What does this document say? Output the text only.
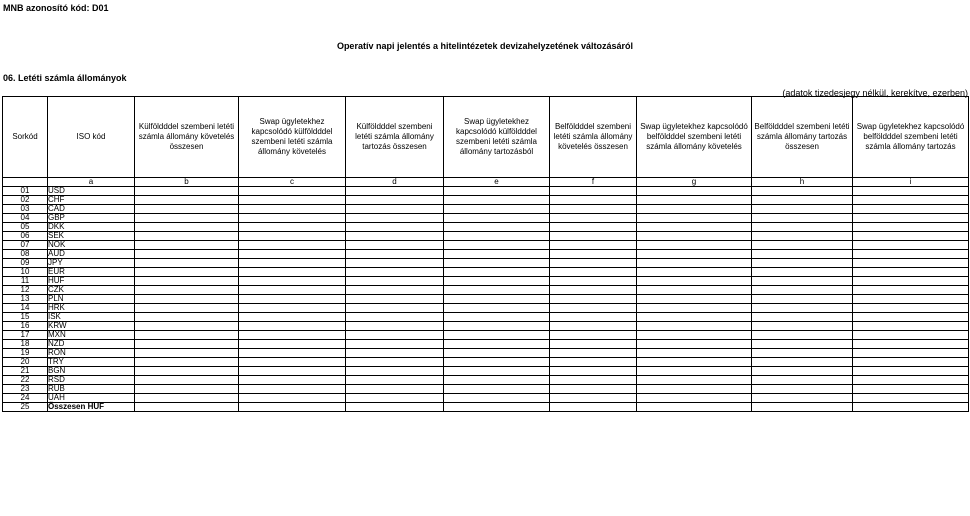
MNB azonosító kód: D01
Operatív napi jelentés a hitelintézetek devizahelyzetének változásáról
06. Letéti számla állományok
(adatok tizedesjegy nélkül, kerekítve, ezerben)
Sorkód	ISO kód	Külföldddel szembeni letéti számla állomány követelés összesen	Swap ügyletekhez kapcsolódó külföldddel szembeni letéti számla állomány követelés	Külföldddel szembeni letéti számla állomány tartozás összesen	Swap ügyletekhez kapcsolódó külföldddel szembeni letéti számla állomány tartozásból	Belföldddel szembeni letéti számla állomány követelés összesen	Swap ügyletekhez kapcsolódó belföldddel szembeni letéti számla állomány követelés	Belföldddel szembeni letéti számla állomány tartozás összesen	Swap ügyletekhez kapcsolódó belföldddel szembeni letéti számla állomány tartozás
	a	b	c	d	e	f	g	h	i
01	USD								
02	CHF								
03	CAD								
04	GBP								
05	DKK								
06	SEK								
07	NOK								
08	AUD								
09	JPY								
10	EUR								
11	HUF								
12	CZK								
13	PLN								
14	HRK								
15	ISK								
16	KRW								
17	MXN								
18	NZD								
19	RON								
20	TRY								
21	BGN								
22	RSD								
23	RUB								
24	UAH								
25	Összesen HUF								
